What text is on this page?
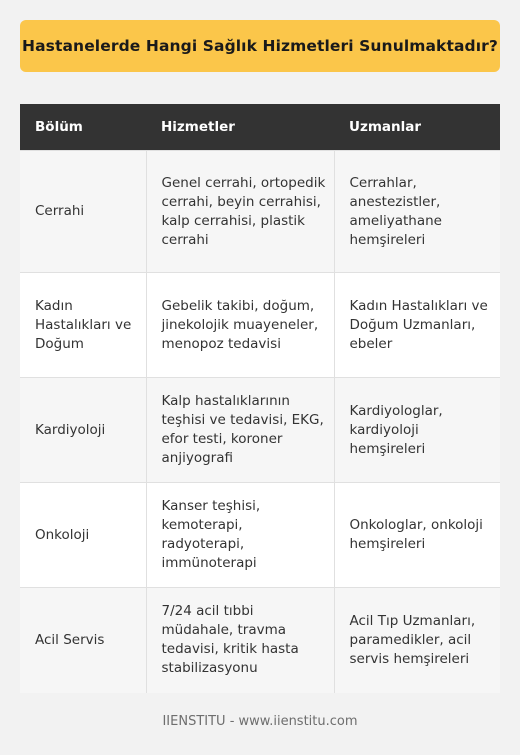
Hastanelerde Hangi Sağlık Hizmetleri Sunulmaktadır?
Bölüm	Hizmetler	Uzmanlar
Cerrahi	Genel cerrahi, ortopedik cerrahi, beyin cerrahisi, kalp cerrahisi, plastik cerrahi	Cerrahlar, anestezistler, ameliyathane hemşireleri
Kadın Hastalıkları ve Doğum	Gebelik takibi, doğum, jinekolojik muayeneler, menopoz tedavisi	Kadın Hastalıkları ve Doğum Uzmanları, ebeler
Kardiyoloji	Kalp hastalıklarının teşhisi ve tedavisi, EKG, efor testi, koroner anjiyografi	Kardiyologlar, kardiyoloji hemşireleri
Onkoloji	Kanser teşhisi, kemoterapi, radyoterapi, immünoterapi	Onkologlar, onkoloji hemşireleri
Acil Servis	7/24 acil tıbbi müdahale, travma tedavisi, kritik hasta stabilizasyonu	Acil Tıp Uzmanları, paramedikler, acil servis hemşireleri
IIENSTITU - www.iienstitu.com
